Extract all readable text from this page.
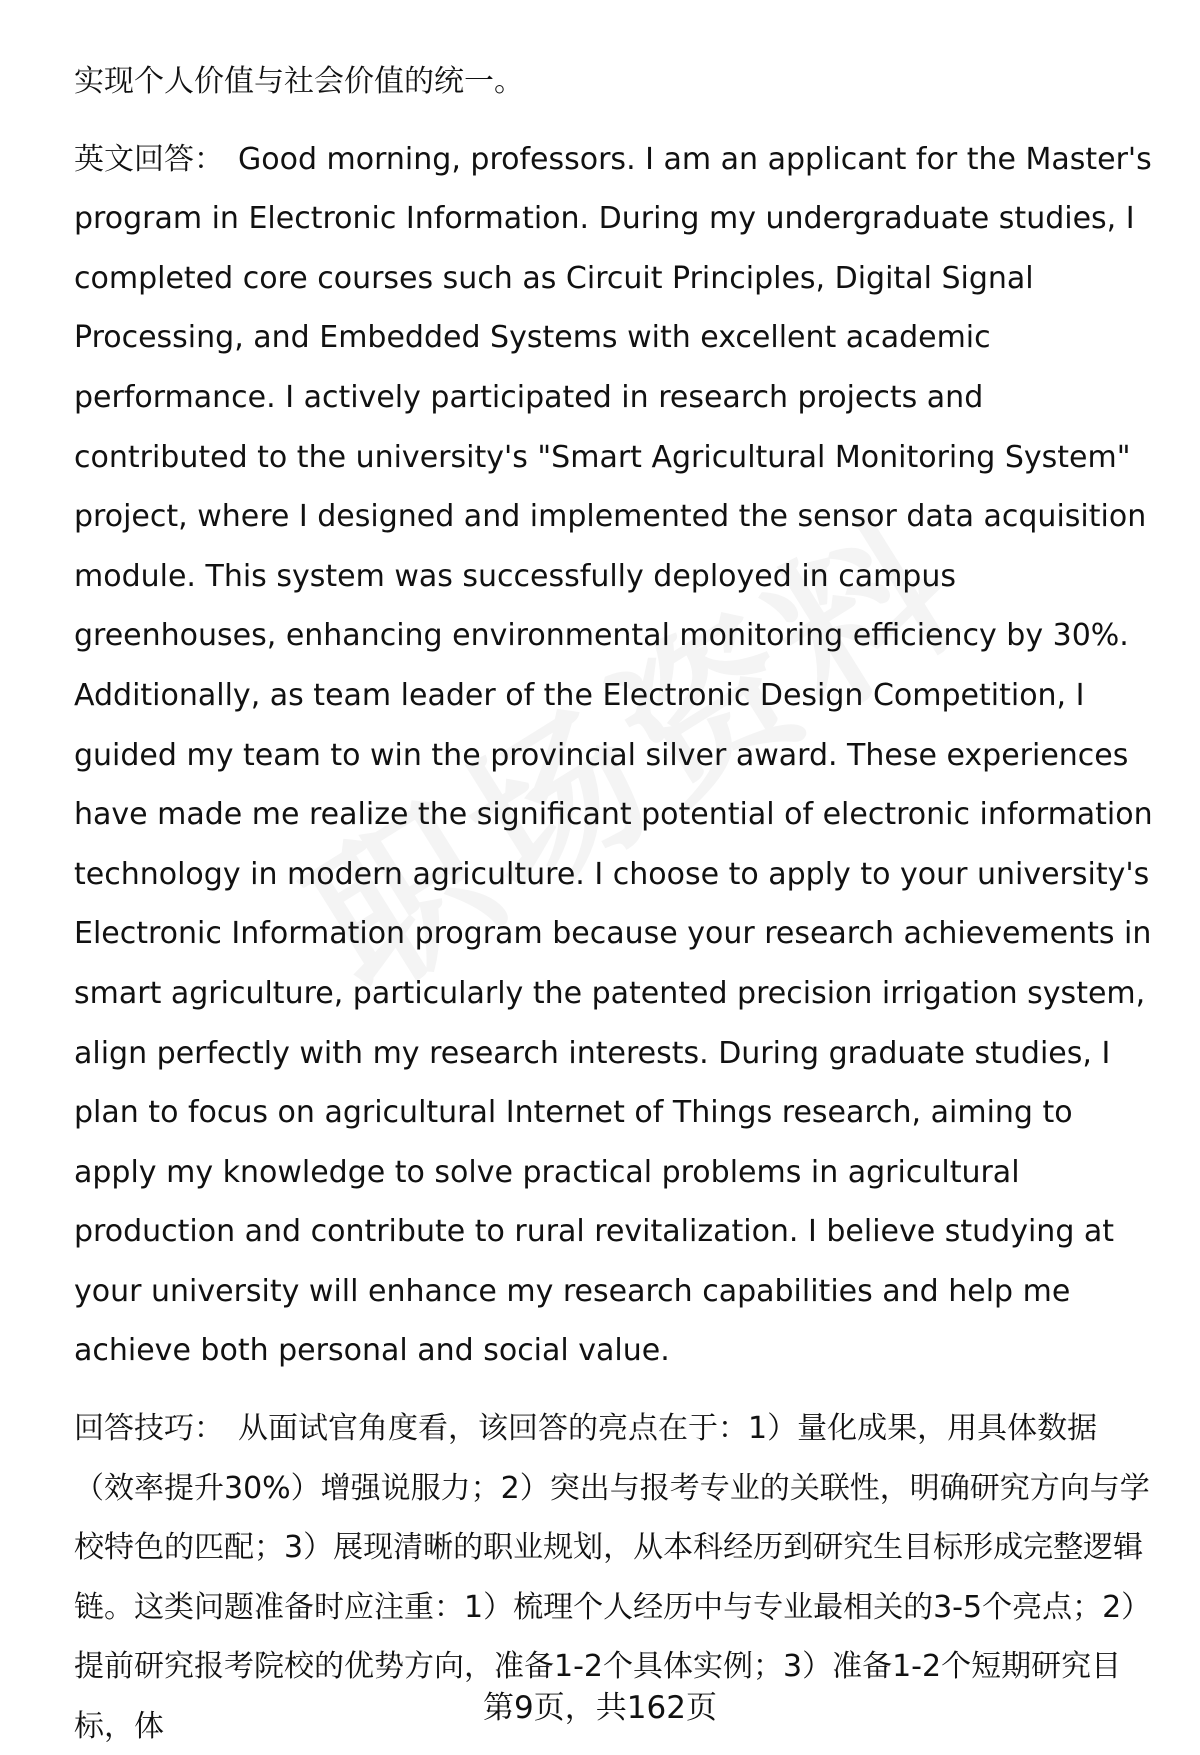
实现个人价值与社会价值的统一。

英文回答： Good morning, professors. I am an applicant for the Master's program in Electronic Information. During my undergraduate studies, I completed core courses such as Circuit Principles, Digital Signal Processing, and Embedded Systems with excellent academic performance. I actively participated in research projects and contributed to the university's "Smart Agricultural Monitoring System" project, where I designed and implemented the sensor data acquisition module. This system was successfully deployed in campus greenhouses, enhancing environmental monitoring efficiency by 30%. Additionally, as team leader of the Electronic Design Competition, I guided my team to win the provincial silver award. These experiences have made me realize the significant potential of electronic information technology in modern agriculture. I choose to apply to your university's Electronic Information program because your research achievements in smart agriculture, particularly the patented precision irrigation system, align perfectly with my research interests. During graduate studies, I plan to focus on agricultural Internet of Things research, aiming to apply my knowledge to solve practical problems in agricultural production and contribute to rural revitalization. I believe studying at your university will enhance my research capabilities and help me achieve both personal and social value.

回答技巧： 从面试官角度看，该回答的亮点在于：1）量化成果，用具体数据（效率提升30%）增强说服力；2）突出与报考专业的关联性，明确研究方向与学校特色的匹配；3）展现清晰的职业规划，从本科经历到研究生目标形成完整逻辑链。这类问题准备时应注重：1）梳理个人经历中与专业最相关的3-5个亮点；2）提前研究报考院校的优势方向，准备1-2个具体实例；3）准备1-2个短期研究目标，体

第9页，共162页
